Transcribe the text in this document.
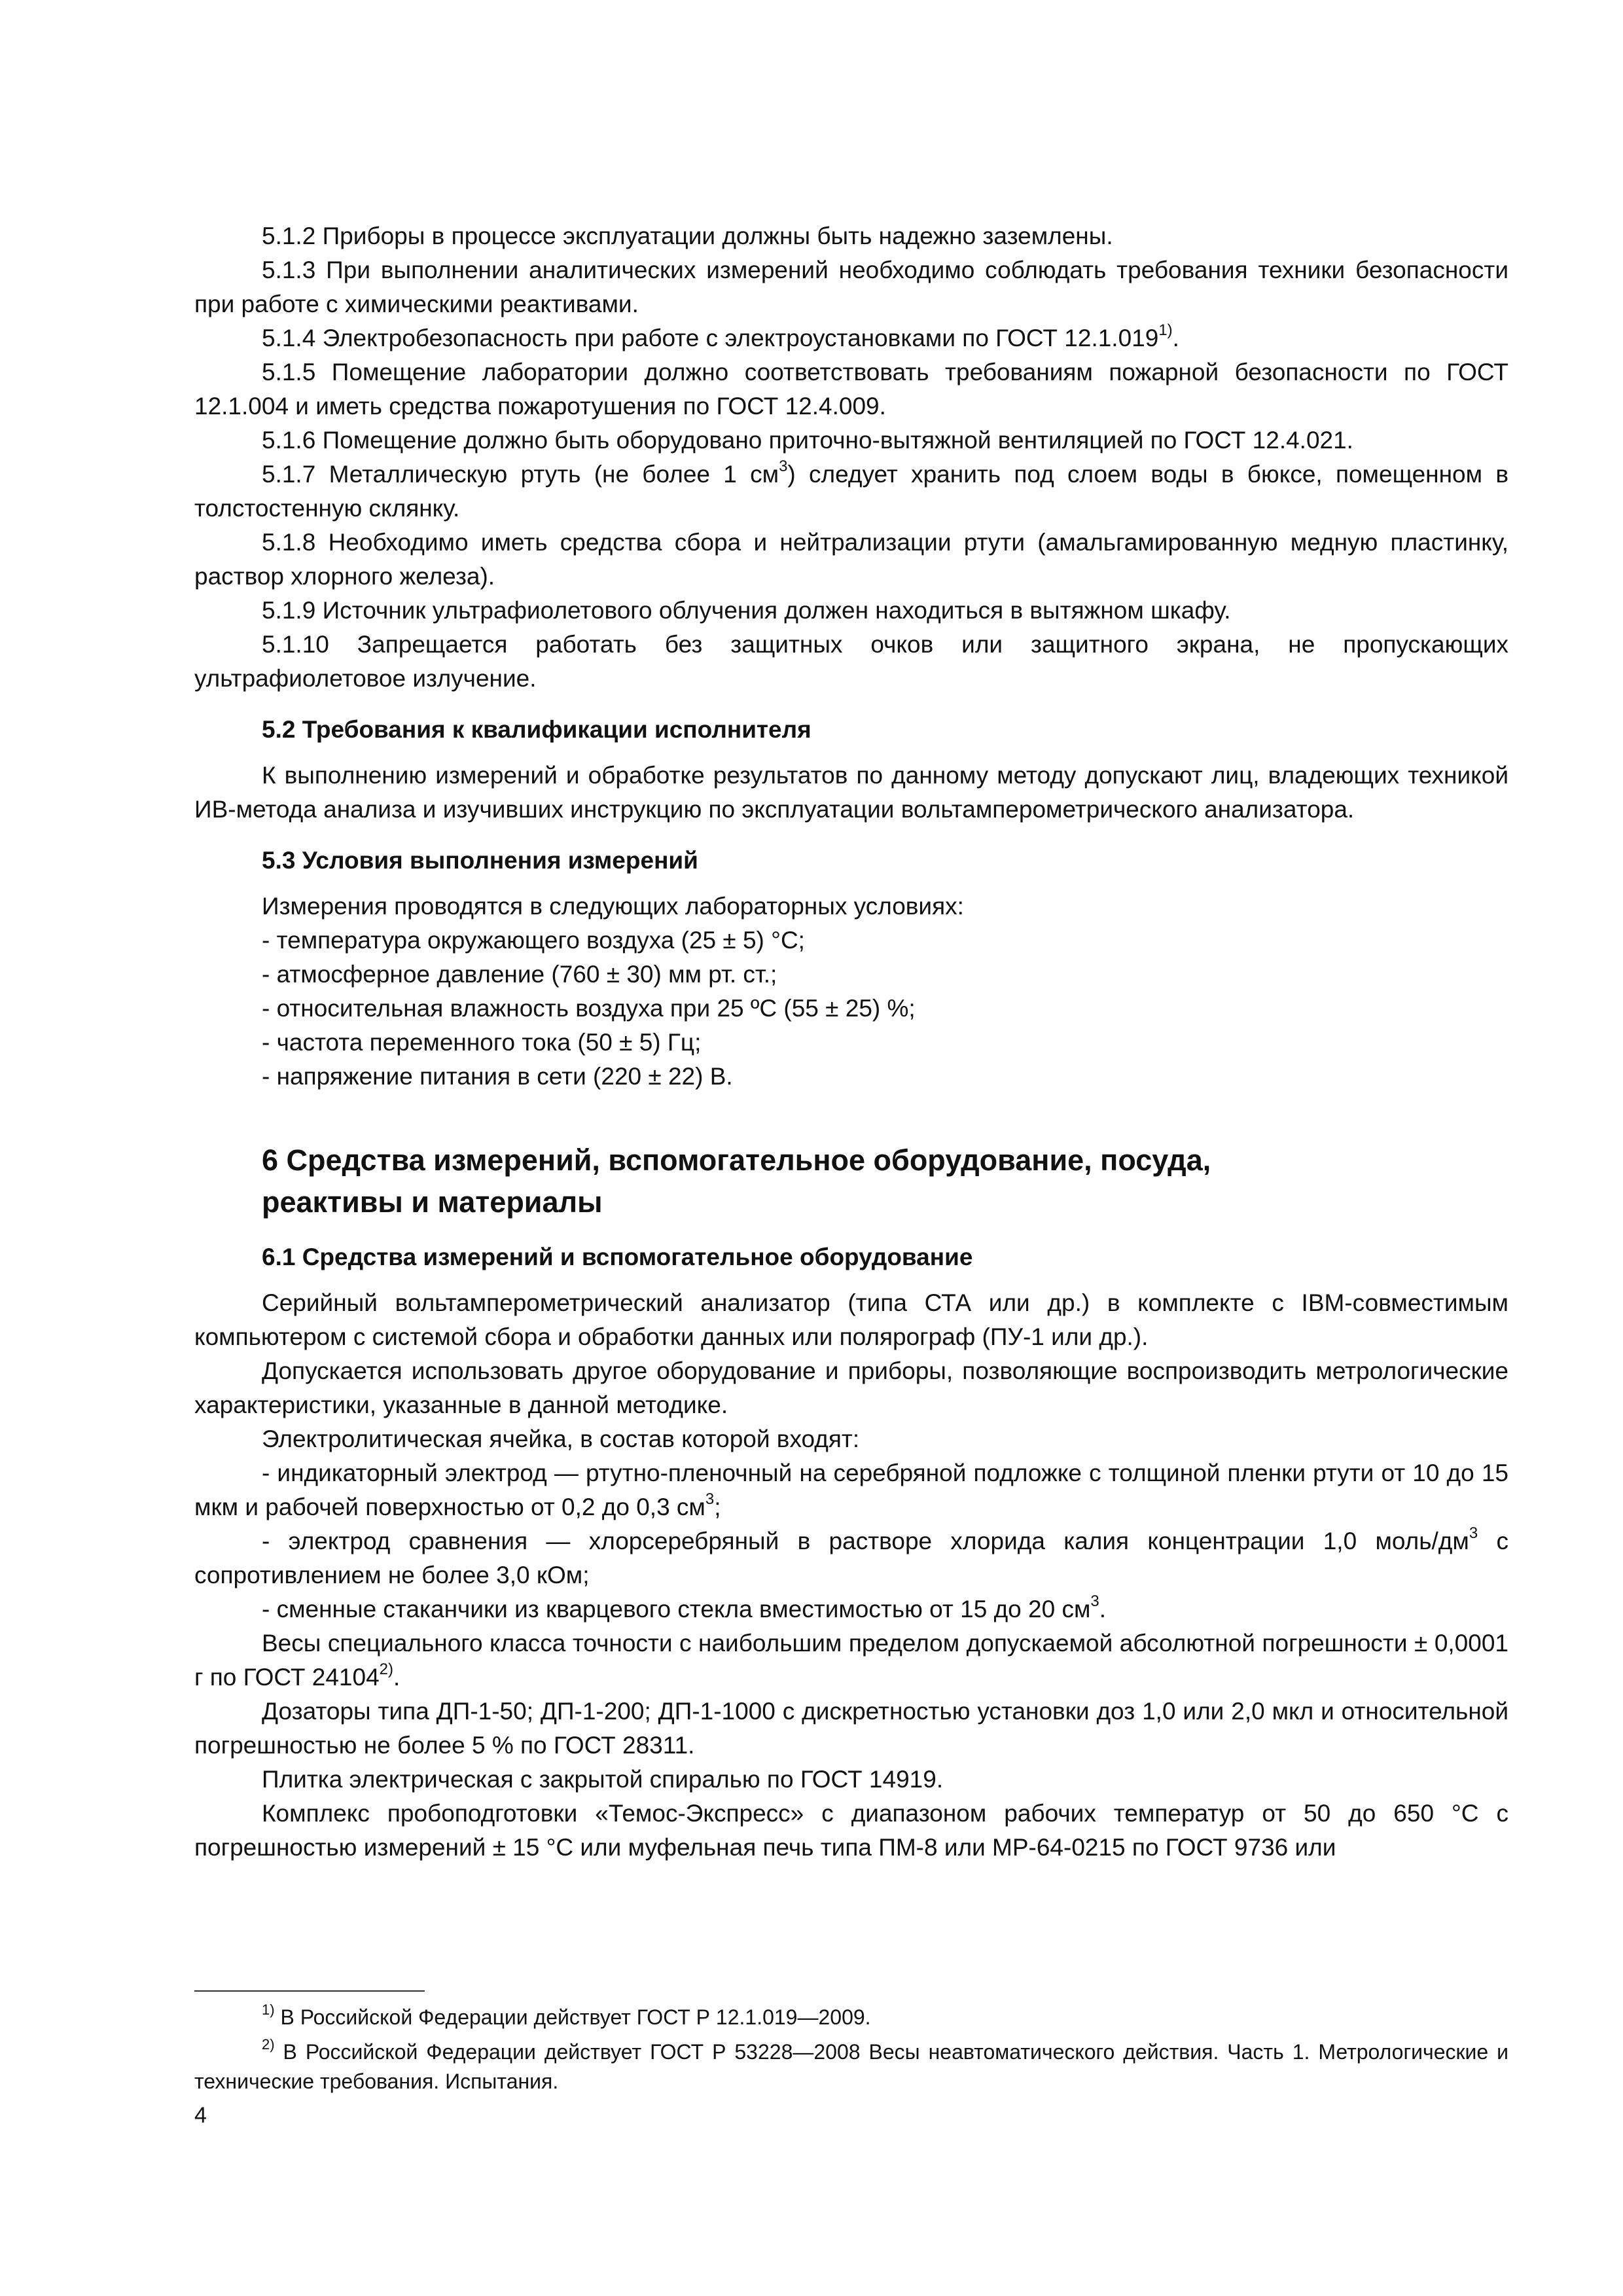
5.1.2 Приборы в процессе эксплуатации должны быть надежно заземлены.

5.1.3 При выполнении аналитических измерений необходимо соблюдать требования техники безопасности при работе с химическими реактивами.

5.1.4 Электробезопасность при работе с электроустановками по ГОСТ 12.1.019$^{1)}$.

5.1.5 Помещение лаборатории должно соответствовать требованиям пожарной безопасности по ГОСТ 12.1.004 и иметь средства пожаротушения по ГОСТ 12.4.009.

5.1.6 Помещение должно быть оборудовано приточно-вытяжной вентиляцией по ГОСТ 12.4.021.

5.1.7 Металлическую ртуть (не более 1 $см^3$) следует хранить под слоем воды в бюксе, помещенном в толстостенную склянку.

5.1.8 Необходимо иметь средства сбора и нейтрализации ртути (амальгамированную медную пластинку, раствор хлорного железа).

5.1.9 Источник ультрафиолетового облучения должен находиться в вытяжном шкафу.

5.1.10 Запрещается работать без защитных очков или защитного экрана, не пропускающих ультрафиолетовое излучение.

5.2 Требования к квалификации исполнителя

К выполнению измерений и обработке результатов по данному методу допускают лиц, владеющих техникой ИВ-метода анализа и изучивших инструкцию по эксплуатации вольтамперометрического анализатора.

5.3 Условия выполнения измерений

Измерения проводятся в следующих лабораторных условиях:

- температура окружающего воздуха (25 ± 5) °С;
- атмосферное давление (760 ± 30) мм рт. ст.;
- относительная влажность воздуха при 25 ºС (55 ± 25) %;
- частота переменного тока (50 ± 5) Гц;
- напряжение питания в сети (220 ± 22) В.
6 Средства измерений, вспомогательное оборудование, посуда,
реактивы и материалы
6.1 Средства измерений и вспомогательное оборудование

Серийный вольтамперометрический анализатор (типа СТА или др.) в комплекте с IBM-совместимым компьютером с системой сбора и обработки данных или полярограф (ПУ-1 или др.).

Допускается использовать другое оборудование и приборы, позволяющие воспроизводить метрологические характеристики, указанные в данной методике.

Электролитическая ячейка, в состав которой входят:

- индикаторный электрод — ртутно-пленочный на серебряной подложке с толщиной пленки ртути от 10 до 15 мкм и рабочей поверхностью от 0,2 до 0,3 $см^3$;

- электрод сравнения — хлорсеребряный в растворе хлорида калия концентрации 1,0 моль/$дм^3$ с сопротивлением не более 3,0 кОм;

- сменные стаканчики из кварцевого стекла вместимостью от 15 до 20 $см^3$.

Весы специального класса точности с наибольшим пределом допускаемой абсолютной погрешности ± 0,0001 г по ГОСТ 24104$^{2)}$.

Дозаторы типа ДП-1-50; ДП-1-200; ДП-1-1000 с дискретностью установки доз 1,0 или 2,0 мкл и относительной погрешностью не более 5 % по ГОСТ 28311.

Плитка электрическая с закрытой спиралью по ГОСТ 14919.

Комплекс пробоподготовки «Темос-Экспресс» с диапазоном рабочих температур от 50 до 650 °С с погрешностью измерений ± 15 °С или муфельная печь типа ПМ-8 или МР-64-0215 по ГОСТ 9736 или

$^{1)}$ В Российской Федерации действует ГОСТ Р 12.1.019—2009.

$^{2)}$ В Российской Федерации действует ГОСТ Р 53228—2008 Весы неавтоматического действия. Часть 1. Метрологические и технические требования. Испытания.

4
